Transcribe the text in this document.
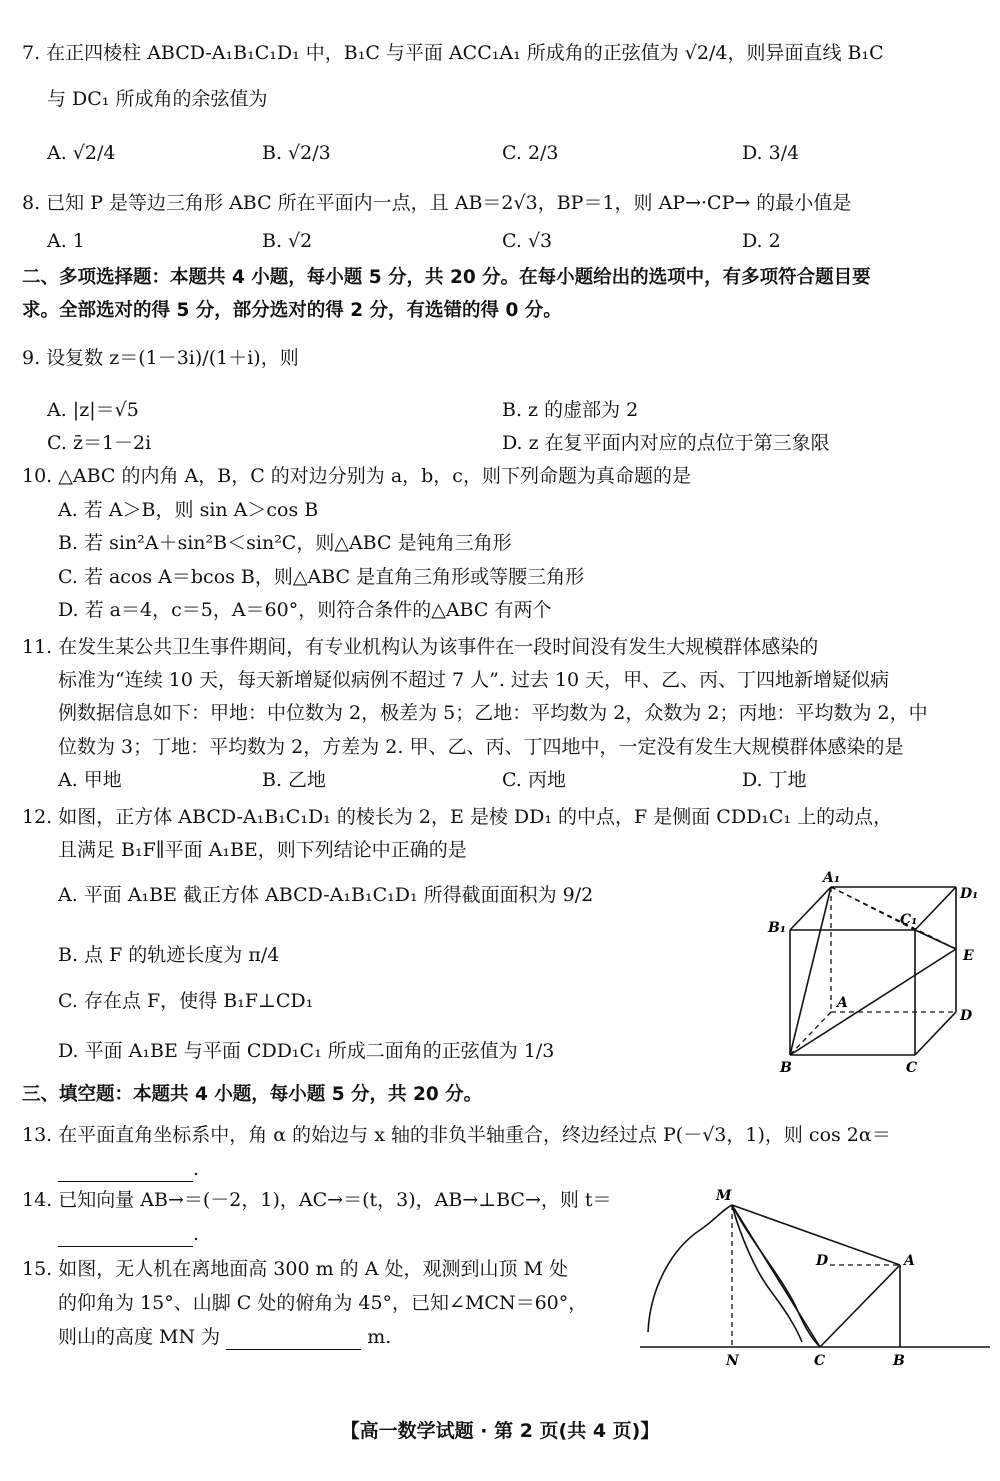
7. 在正四棱柱 ABCD-A₁B₁C₁D₁ 中，B₁C 与平面 ACC₁A₁ 所成角的正弦值为 √2/4，则异面直线 B₁C
与 DC₁ 所成角的余弦值为
A. √2/4	B. √2/3	C. 2/3	D. 3/4
8. 已知 P 是等边三角形 ABC 所在平面内一点，且 AB＝2√3，BP＝1，则 AP→·CP→ 的最小值是
A. 1	B. √2	C. √3	D. 2
二、多项选择题：本题共 4 小题，每小题 5 分，共 20 分。在每小题给出的选项中，有多项符合题目要
求。全部选对的得 5 分，部分选对的得 2 分，有选错的得 0 分。
9. 设复数 z＝(1－3i)/(1＋i)，则
A. |z|＝√5	B. z 的虚部为 2
C. z̄＝1－2i	D. z 在复平面内对应的点位于第三象限
10. △ABC 的内角 A，B，C 的对边分别为 a，b，c，则下列命题为真命题的是
A. 若 A＞B，则 sin A＞cos B
B. 若 sin²A＋sin²B＜sin²C，则△ABC 是钝角三角形
C. 若 acos A＝bcos B，则△ABC 是直角三角形或等腰三角形
D. 若 a＝4，c＝5，A＝60°，则符合条件的△ABC 有两个
11. 在发生某公共卫生事件期间，有专业机构认为该事件在一段时间没有发生大规模群体感染的
标准为“连续 10 天，每天新增疑似病例不超过 7 人”. 过去 10 天，甲、乙、丙、丁四地新增疑似病
例数据信息如下：甲地：中位数为 2，极差为 5；乙地：平均数为 2，众数为 2；丙地：平均数为 2，中
位数为 3；丁地：平均数为 2，方差为 2. 甲、乙、丙、丁四地中，一定没有发生大规模群体感染的是
A. 甲地	B. 乙地	C. 丙地	D. 丁地
12. 如图，正方体 ABCD-A₁B₁C₁D₁ 的棱长为 2，E 是棱 DD₁ 的中点，F 是侧面 CDD₁C₁ 上的动点，
且满足 B₁F∥平面 A₁BE，则下列结论中正确的是
A. 平面 A₁BE 截正方体 ABCD-A₁B₁C₁D₁ 所得截面面积为 9/2
B. 点 F 的轨迹长度为 π/4
C. 存在点 F，使得 B₁F⊥CD₁
D. 平面 A₁BE 与平面 CDD₁C₁ 所成二面角的正弦值为 1/3
A₁
D₁
B₁	C₁
E
A
D
B	C
三、填空题：本题共 4 小题，每小题 5 分，共 20 分。
13. 在平面直角坐标系中，角 α 的始边与 x 轴的非负半轴重合，终边经过点 P(－√3，1)，则 cos 2α＝
.
14. 已知向量 AB→＝(－2，1)，AC→＝(t，3)，AB→⊥BC→，则 t＝
.
15. 如图，无人机在离地面高 300 m 的 A 处，观测到山顶 M 处
的仰角为 15°、山脚 C 处的俯角为 45°，已知∠MCN＝60°，
则山的高度 MN 为	m.
M
D	A
N	C	B
【高一数学试题 · 第 2 页(共 4 页)】
